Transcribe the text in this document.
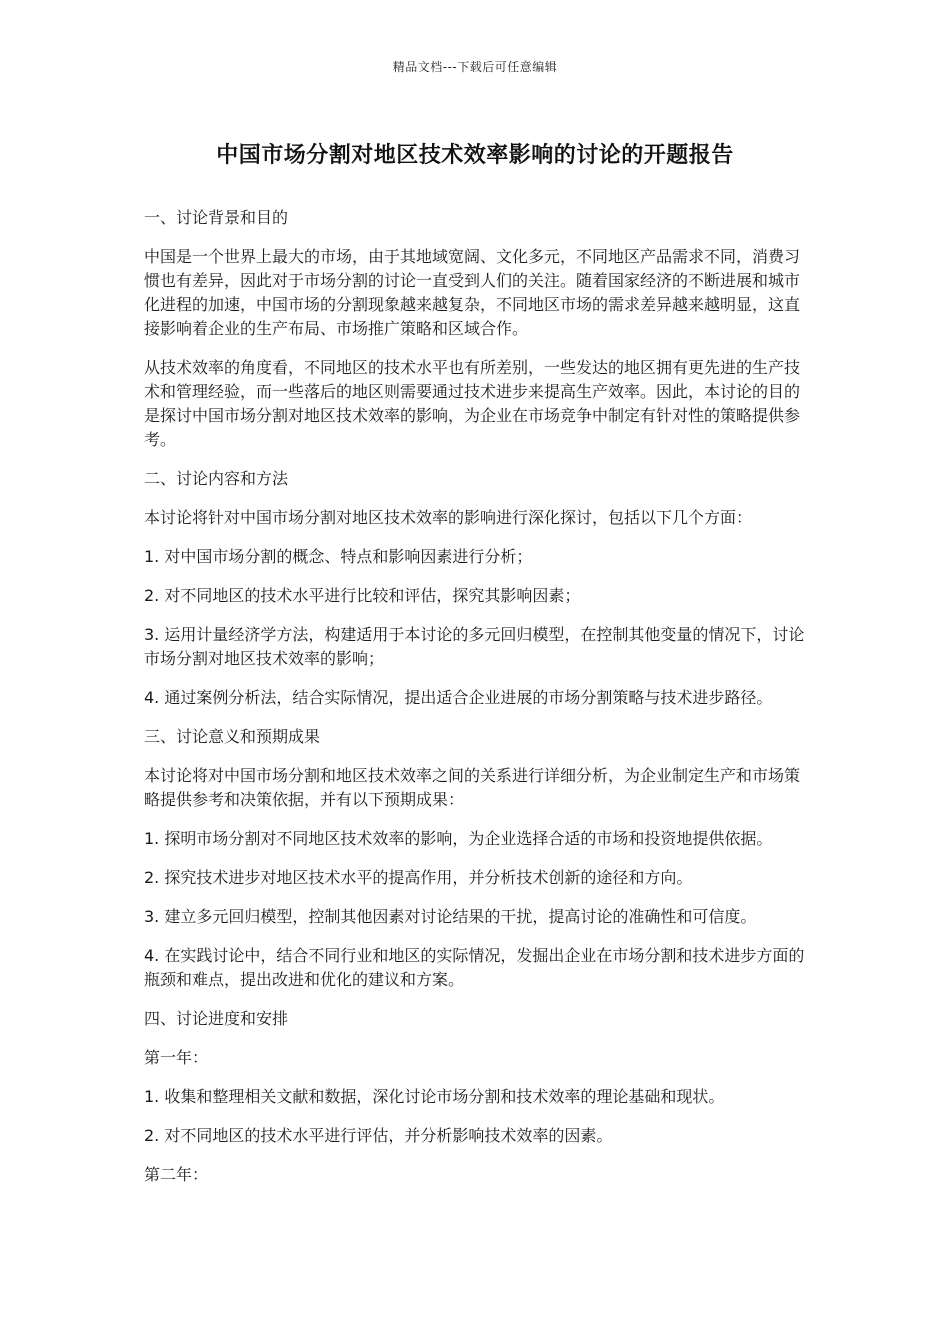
精品文档---下载后可任意编辑
中国市场分割对地区技术效率影响的讨论的开题报告

一、讨论背景和目的

中国是一个世界上最大的市场，由于其地域宽阔、文化多元，不同地区产品需求不同，消费习惯也有差异，因此对于市场分割的讨论一直受到人们的关注。随着国家经济的不断进展和城市化进程的加速，中国市场的分割现象越来越复杂，不同地区市场的需求差异越来越明显，这直接影响着企业的生产布局、市场推广策略和区域合作。

从技术效率的角度看，不同地区的技术水平也有所差别，一些发达的地区拥有更先进的生产技术和管理经验，而一些落后的地区则需要通过技术进步来提高生产效率。因此，本讨论的目的是探讨中国市场分割对地区技术效率的影响，为企业在市场竞争中制定有针对性的策略提供参考。

二、讨论内容和方法

本讨论将针对中国市场分割对地区技术效率的影响进行深化探讨，包括以下几个方面：

1. 对中国市场分割的概念、特点和影响因素进行分析；

2. 对不同地区的技术水平进行比较和评估，探究其影响因素；

3. 运用计量经济学方法，构建适用于本讨论的多元回归模型，在控制其他变量的情况下，讨论市场分割对地区技术效率的影响；

4. 通过案例分析法，结合实际情况，提出适合企业进展的市场分割策略与技术进步路径。

三、讨论意义和预期成果

本讨论将对中国市场分割和地区技术效率之间的关系进行详细分析，为企业制定生产和市场策略提供参考和决策依据，并有以下预期成果：

1. 探明市场分割对不同地区技术效率的影响，为企业选择合适的市场和投资地提供依据。

2. 探究技术进步对地区技术水平的提高作用，并分析技术创新的途径和方向。

3. 建立多元回归模型，控制其他因素对讨论结果的干扰，提高讨论的准确性和可信度。

4. 在实践讨论中，结合不同行业和地区的实际情况，发掘出企业在市场分割和技术进步方面的瓶颈和难点，提出改进和优化的建议和方案。

四、讨论进度和安排

第一年：

1. 收集和整理相关文献和数据，深化讨论市场分割和技术效率的理论基础和现状。

2. 对不同地区的技术水平进行评估，并分析影响技术效率的因素。

第二年：
